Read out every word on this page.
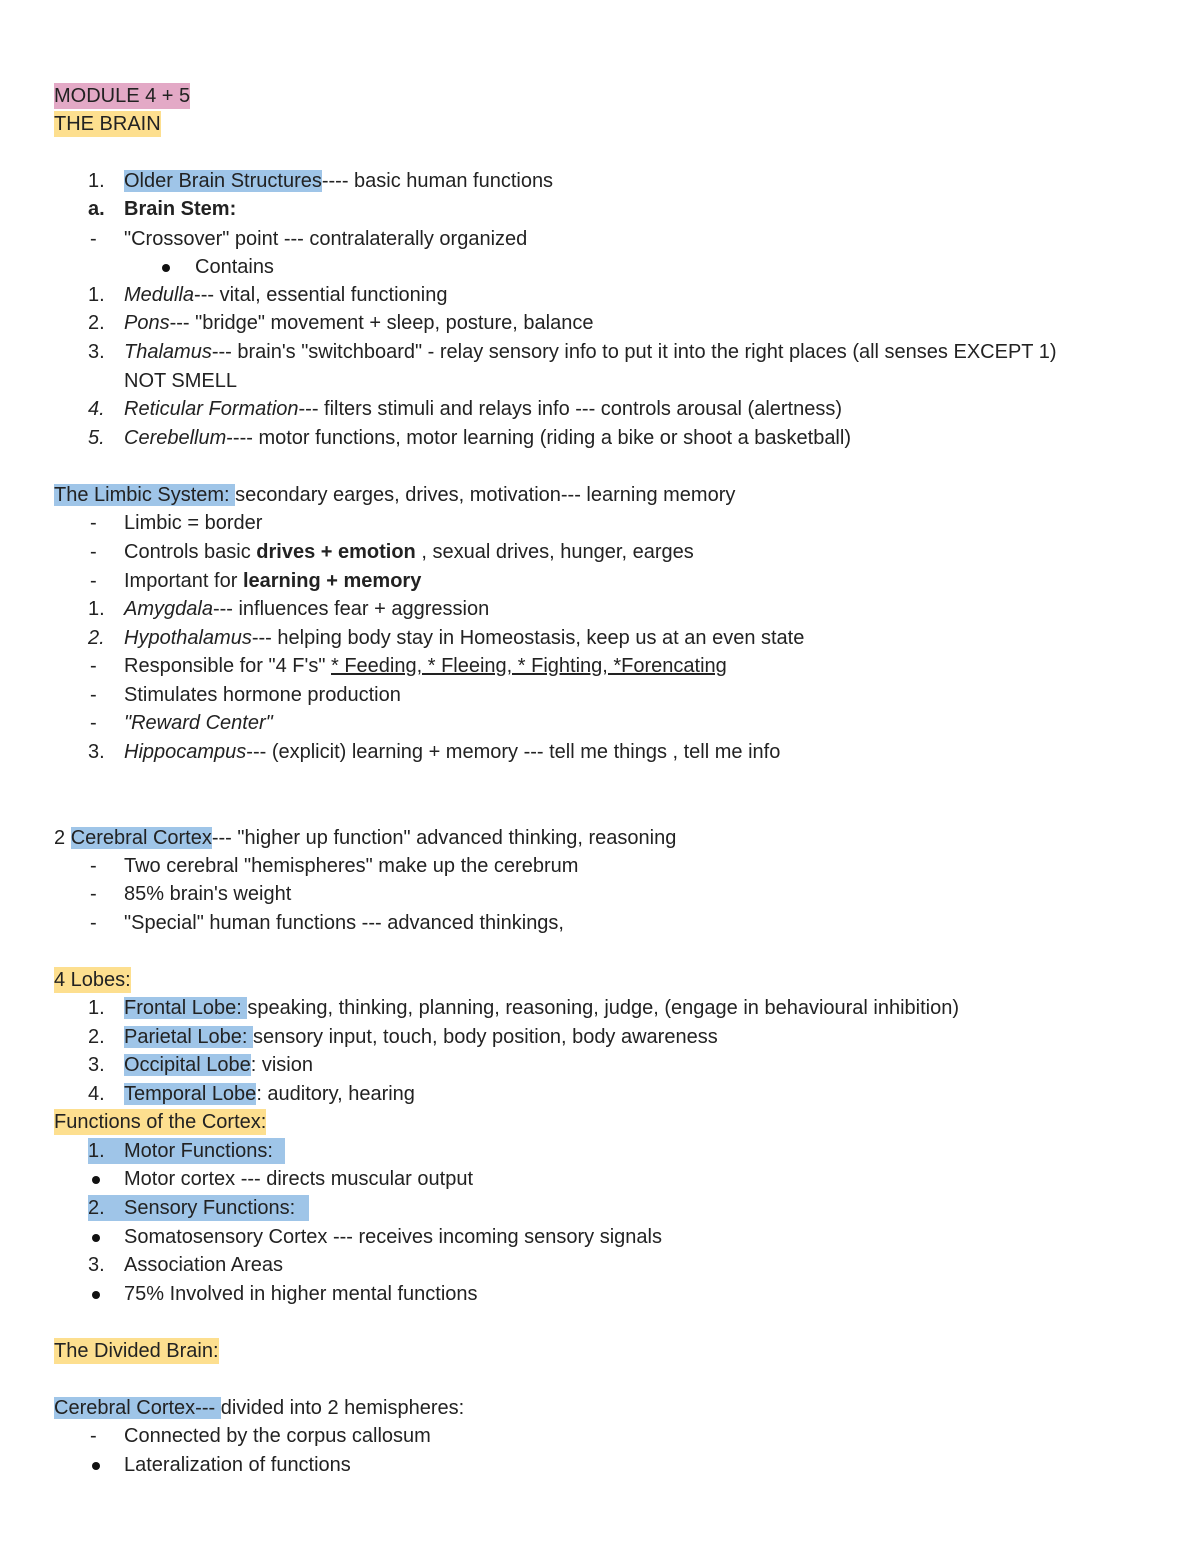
MODULE 4 + 5
THE BRAIN
1. Older Brain Structures---- basic human functions
a. Brain Stem:
- "Crossover" point --- contralaterally organized
Contains
1. Medulla--- vital, essential functioning
2. Pons--- "bridge" movement + sleep, posture, balance
3. Thalamus--- brain's "switchboard" - relay sensory info to put it into the right places (all senses EXCEPT 1)
NOT SMELL
4. Reticular Formation--- filters stimuli and relays info --- controls arousal (alertness)
5. Cerebellum---- motor functions, motor learning (riding a bike or shoot a basketball)
The Limbic System: secondary earges, drives, motivation--- learning memory
- Limbic = border
- Controls basic drives + emotion , sexual drives, hunger, earges
- Important for learning + memory
1. Amygdala--- influences fear + aggression
2. Hypothalamus--- helping body stay in Homeostasis, keep us at an even state
- Responsible for "4 F's" * Feeding, * Fleeing, * Fighting, *Forencating
- Stimulates hormone production
- "Reward Center"
3. Hippocampus--- (explicit) learning + memory --- tell me things , tell me info
2 Cerebral Cortex--- "higher up function" advanced thinking, reasoning
- Two cerebral "hemispheres" make up the cerebrum
- 85% brain's weight
- "Special" human functions --- advanced thinkings,
4 Lobes:
1. Frontal Lobe: speaking, thinking, planning, reasoning, judge, (engage in behavioural inhibition)
2. Parietal Lobe: sensory input, touch, body position, body awareness
3. Occipital Lobe: vision
4. Temporal Lobe: auditory, hearing
Functions of the Cortex:
1. Motor Functions:
Motor cortex --- directs muscular output
2. Sensory Functions:
Somatosensory Cortex --- receives incoming sensory signals
3. Association Areas
75% Involved in higher mental functions
The Divided Brain:
Cerebral Cortex--- divided into 2 hemispheres:
- Connected by the corpus callosum
Lateralization of functions
